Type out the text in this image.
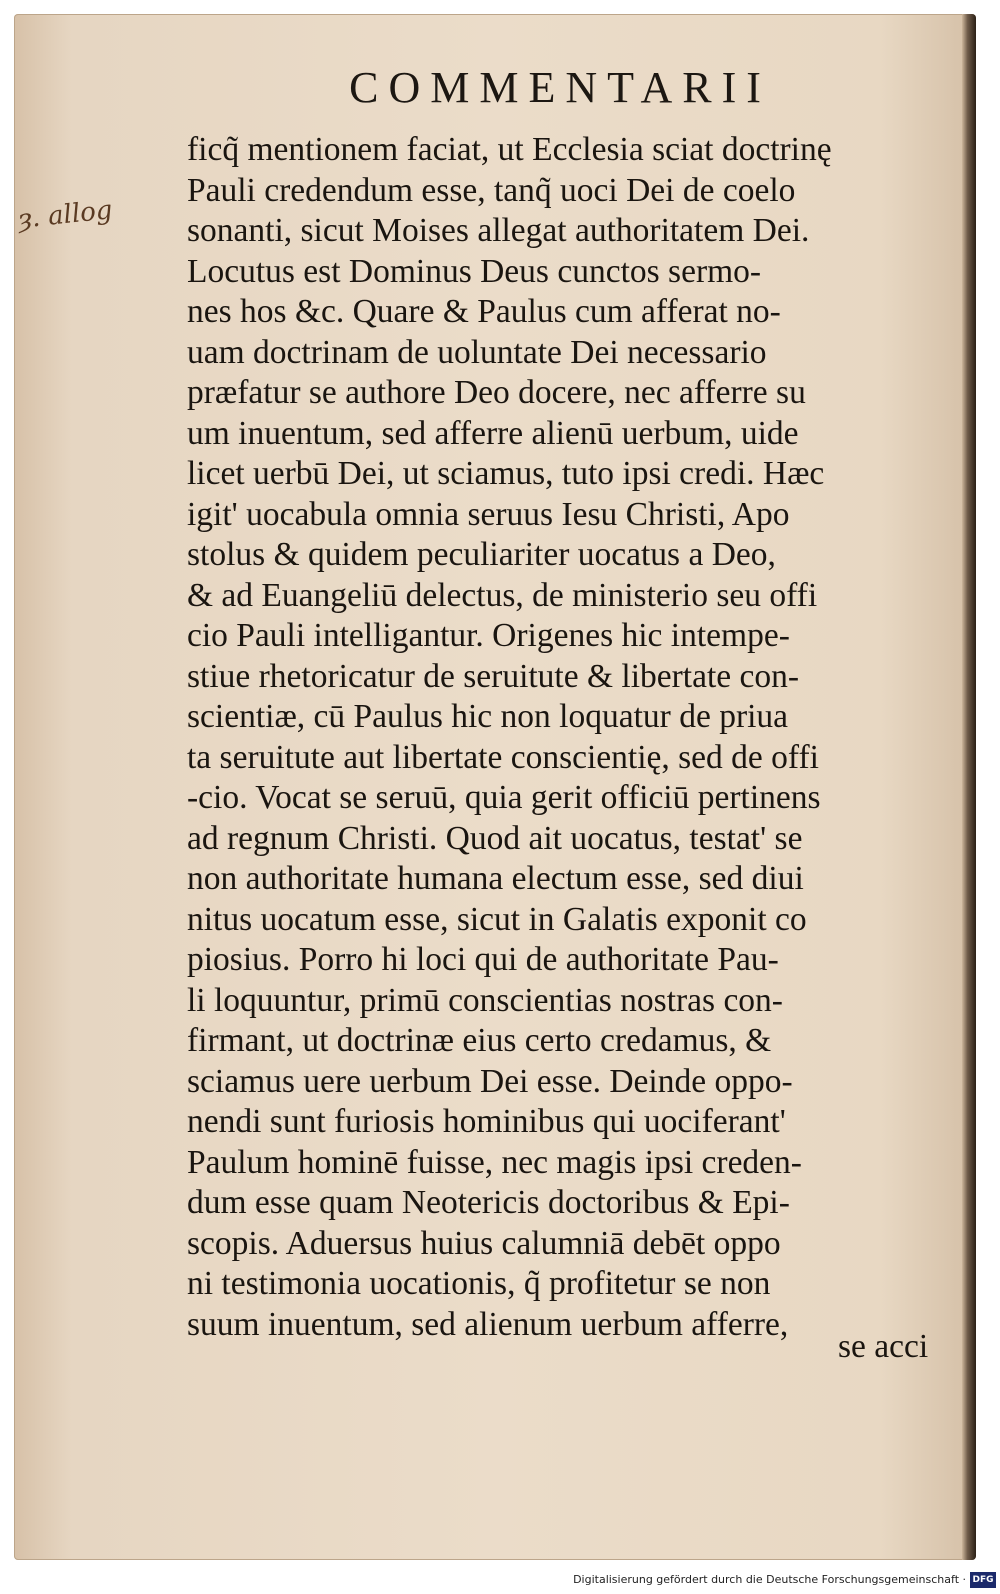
COMMENTARII
ȝ. allog
ficq̃ mentionem faciat, ut Ecclesia sciat doctrinę
Pauli credendum esse, tanq̃ uoci Dei de coelo
sonanti, sicut Moises allegat authoritatem Dei.
Locutus est Dominus Deus cunctos sermo-
nes hos &c. Quare & Paulus cum afferat no-
uam doctrinam de uoluntate Dei necessario
præfatur se authore Deo docere, nec afferre su
um inuentum, sed afferre alienū uerbum, uide
licet uerbū Dei, ut sciamus, tuto ipsi credi. Hæc
igit' uocabula omnia seruus Iesu Christi, Apo
stolus & quidem peculiariter uocatus a Deo,
& ad Euangeliū delectus, de ministerio seu offi
cio Pauli intelligantur. Origenes hic intempe-
stiue rhetoricatur de seruitute & libertate con-
scientiæ, cū Paulus hic non loquatur de priua
ta seruitute aut libertate conscientię, sed de offi
-cio. Vocat se seruū, quia gerit officiū pertinens
ad regnum Christi. Quod ait uocatus, testat' se
non authoritate humana electum esse, sed diui
nitus uocatum esse, sicut in Galatis exponit co
piosius. Porro hi loci qui de authoritate Pau-
li loquuntur, primū conscientias nostras con-
firmant, ut doctrinæ eius certo credamus, &
sciamus uere uerbum Dei esse. Deinde oppo-
nendi sunt furiosis hominibus qui uociferant'
Paulum hominē fuisse, nec magis ipsi creden-
dum esse quam Neotericis doctoribus & Epi-
scopis. Aduersus huius calumniā debēt oppo
ni testimonia uocationis, q̃ profitetur se non
suum inuentum, sed alienum uerbum afferre,
se acci
Digitalisierung gefördert durch die Deutsche Forschungsgemeinschaft · DFG
